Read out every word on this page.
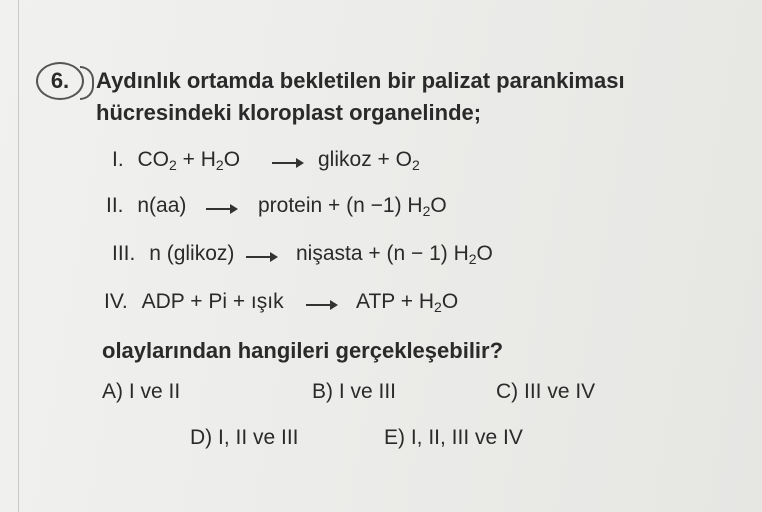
6.	Aydınlık ortamda bekletilen bir palizat parankiması
hücresindeki kloroplast organelinde;
I. $CO_2 + H_2O$ → glikoz + $O_2$
II. n(aa) → protein + (n −1) $H_2O$
III. n (glikoz) → nişasta + (n − 1) $H_2O$
IV. ADP + Pi + ışık → ATP + $H_2O$
olaylarından hangileri gerçekleşebilir?
A) I ve II	B) I ve III	C) III ve IV
D) I, II ve III	E) I, II, III ve IV
